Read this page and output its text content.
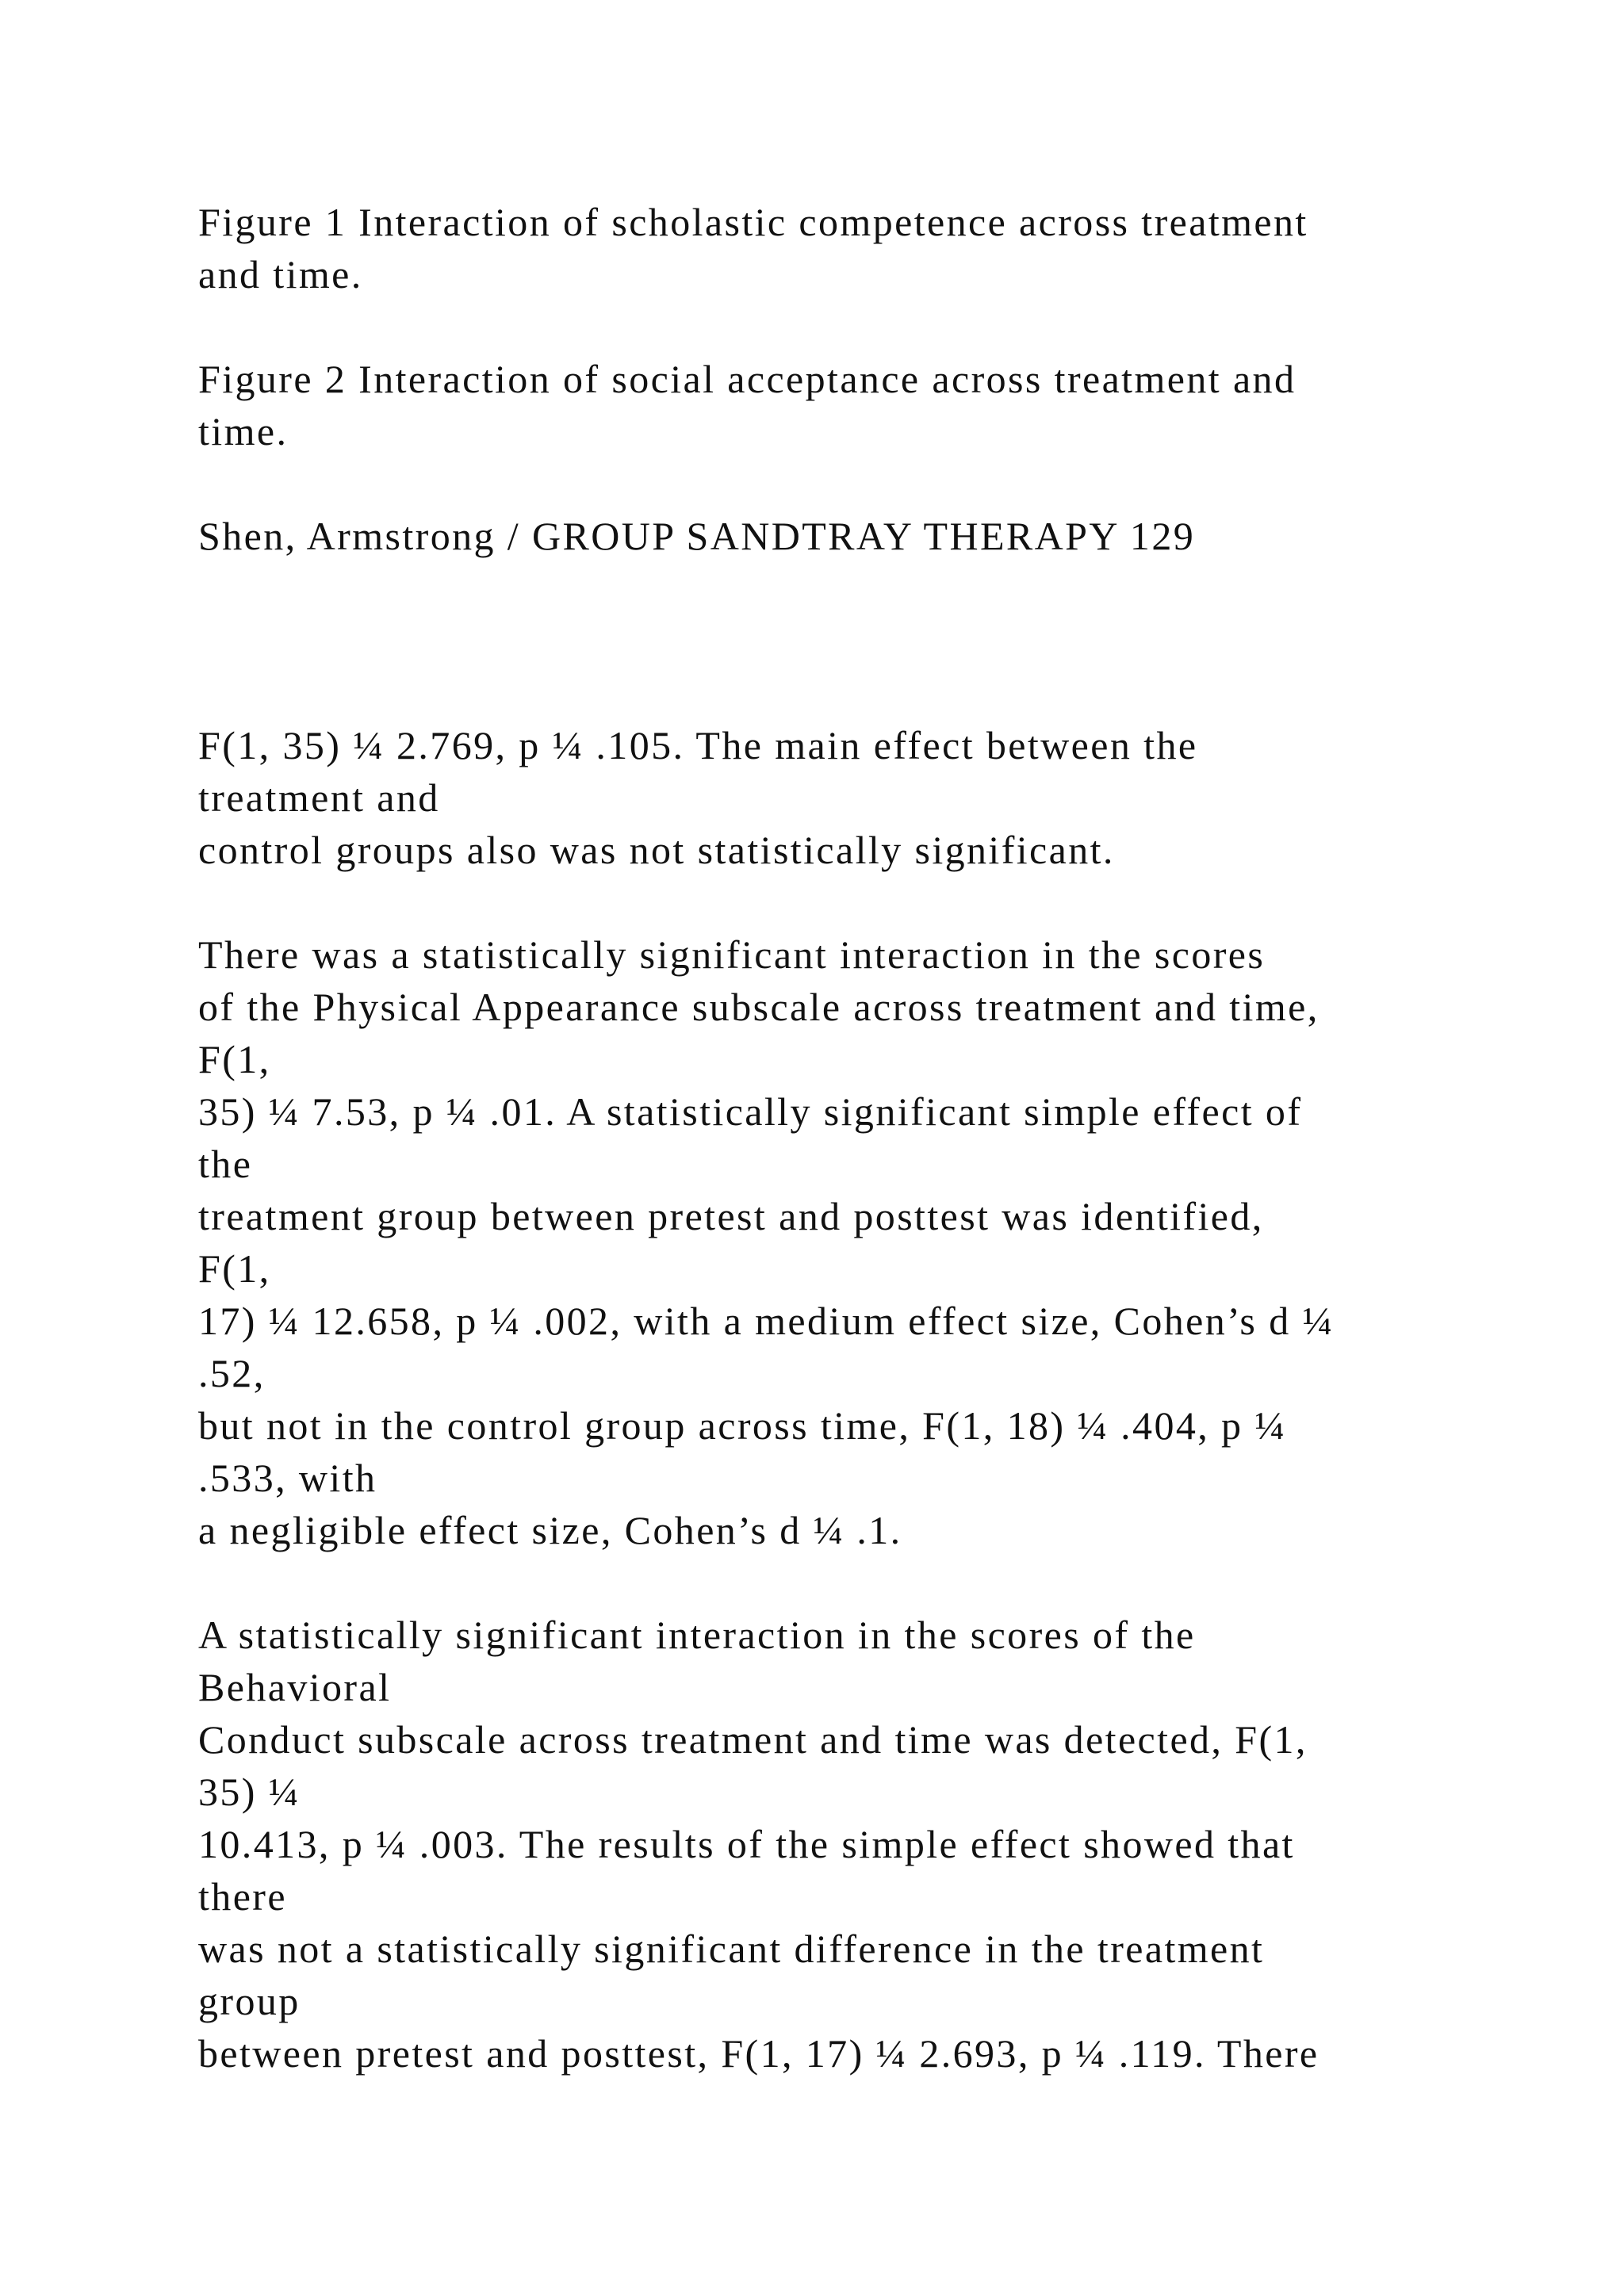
Figure 1 Interaction of scholastic competence across treatment
and time.
Figure 2 Interaction of social acceptance across treatment and
time.
Shen, Armstrong / GROUP SANDTRAY THERAPY 129
F(1, 35) ¼ 2.769, p ¼ .105. The main effect between the
treatment and
control groups also was not statistically significant.
There was a statistically significant interaction in the scores
of the Physical Appearance subscale across treatment and time,
F(1,
35) ¼ 7.53, p ¼ .01. A statistically significant simple effect of
the
treatment group between pretest and posttest was identified,
F(1,
17) ¼ 12.658, p ¼ .002, with a medium effect size, Cohen’s d ¼
.52,
but not in the control group across time, F(1, 18) ¼ .404, p ¼
.533, with
a negligible effect size, Cohen’s d ¼ .1.
A statistically significant interaction in the scores of the
Behavioral
Conduct subscale across treatment and time was detected, F(1,
35) ¼
10.413, p ¼ .003. The results of the simple effect showed that
there
was not a statistically significant difference in the treatment
group
between pretest and posttest, F(1, 17) ¼ 2.693, p ¼ .119. There
